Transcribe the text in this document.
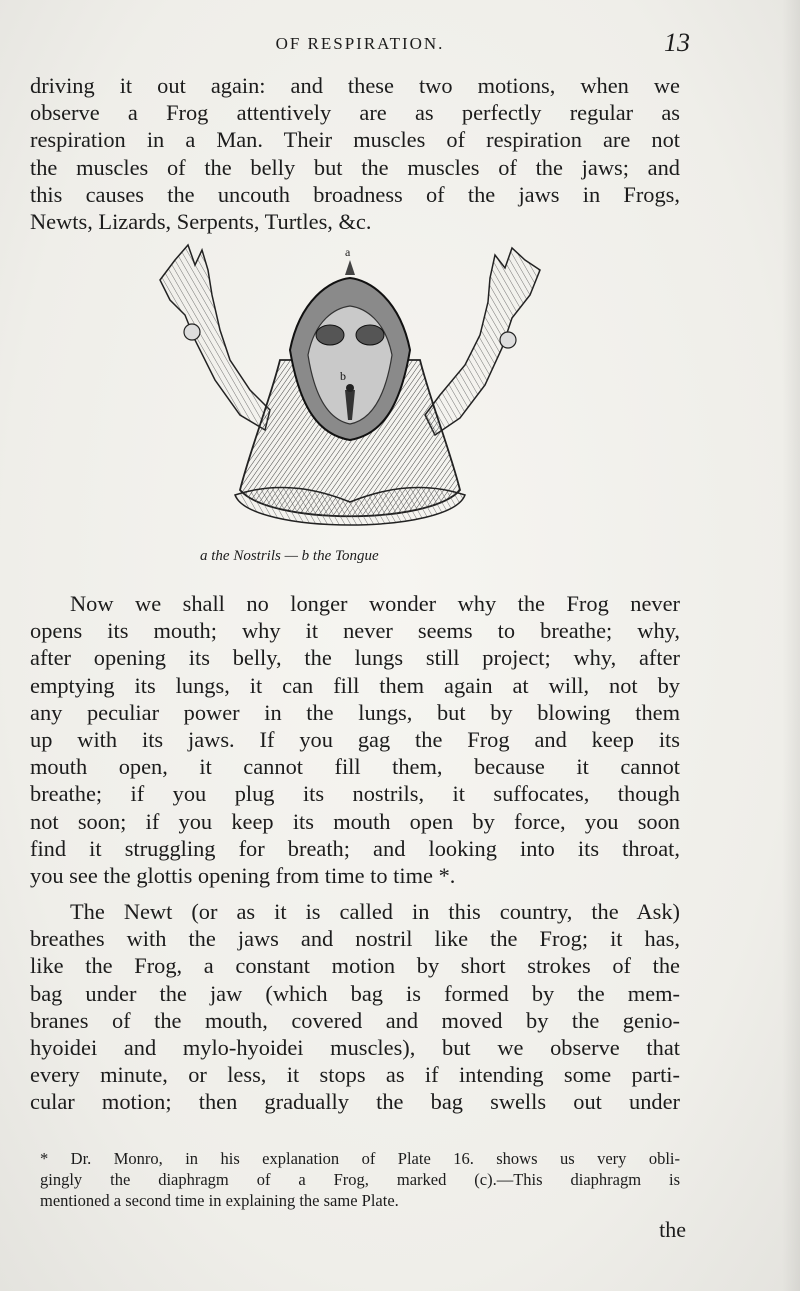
OF RESPIRATION.	13
driving it out again: and these two motions, when we
observe a Frog attentively are as perfectly regular as
respiration in a Man. Their muscles of respiration are not
the muscles of the belly but the muscles of the jaws; and
this causes the uncouth broadness of the jaws in Frogs,
Newts, Lizards, Serpents, Turtles, &c.
a
b
a the Nostrils — b the Tongue
Now we shall no longer wonder why the Frog never
opens its mouth; why it never seems to breathe; why,
after opening its belly, the lungs still project; why, after
emptying its lungs, it can fill them again at will, not by
any peculiar power in the lungs, but by blowing them
up with its jaws. If you gag the Frog and keep its
mouth open, it cannot fill them, because it cannot
breathe; if you plug its nostrils, it suffocates, though
not soon; if you keep its mouth open by force, you soon
find it struggling for breath; and looking into its throat,
you see the glottis opening from time to time *.
The Newt (or as it is called in this country, the Ask)
breathes with the jaws and nostril like the Frog; it has,
like the Frog, a constant motion by short strokes of the
bag under the jaw (which bag is formed by the mem-
branes of the mouth, covered and moved by the genio-
hyoidei and mylo-hyoidei muscles), but we observe that
every minute, or less, it stops as if intending some parti-
cular motion; then gradually the bag swells out under
* Dr. Monro, in his explanation of Plate 16. shows us very obli-
gingly the diaphragm of a Frog, marked (c).—This diaphragm is
mentioned a second time in explaining the same Plate.
the
